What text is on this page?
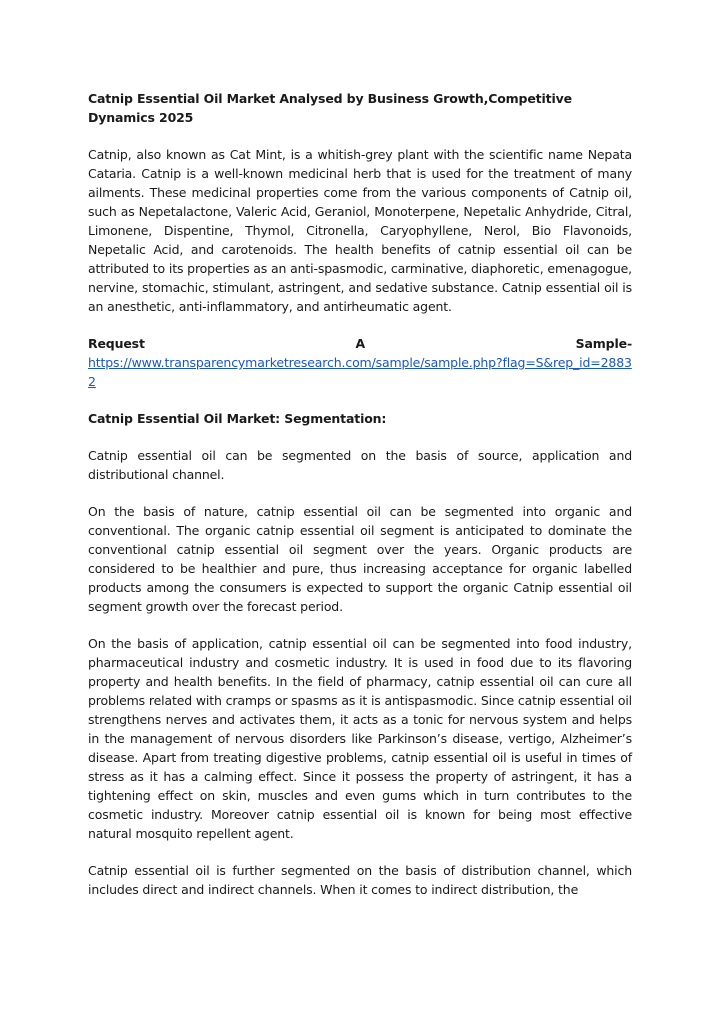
Catnip Essential Oil Market Analysed by Business Growth,Competitive Dynamics 2025

Catnip, also known as Cat Mint, is a whitish-grey plant with the scientific name Nepata Cataria. Catnip is a well-known medicinal herb that is used for the treatment of many ailments. These medicinal properties come from the various components of Catnip oil, such as Nepetalactone, Valeric Acid, Geraniol, Monoterpene, Nepetalic Anhydride, Citral, Limonene, Dispentine, Thymol, Citronella, Caryophyllene, Nerol, Bio Flavonoids, Nepetalic Acid, and carotenoids. The health benefits of catnip essential oil can be attributed to its properties as an anti-spasmodic, carminative, diaphoretic, emenagogue, nervine, stomachic, stimulant, astringent, and sedative substance. Catnip essential oil is an anesthetic, anti-inflammatory, and antirheumatic agent.

Request	A	Sample-
https://www.transparencymarketresearch.com/sample/sample.php?flag=S&rep_id=28832
Catnip Essential Oil Market: Segmentation:

Catnip essential oil can be segmented on the basis of source, application and distributional channel.

On the basis of nature, catnip essential oil can be segmented into organic and conventional. The organic catnip essential oil segment is anticipated to dominate the conventional catnip essential oil segment over the years. Organic products are considered to be healthier and pure, thus increasing acceptance for organic labelled products among the consumers is expected to support the organic Catnip essential oil segment growth over the forecast period.

On the basis of application, catnip essential oil can be segmented into food industry, pharmaceutical industry and cosmetic industry. It is used in food due to its flavoring property and health benefits. In the field of pharmacy, catnip essential oil can cure all problems related with cramps or spasms as it is antispasmodic. Since catnip essential oil strengthens nerves and activates them, it acts as a tonic for nervous system and helps in the management of nervous disorders like Parkinson’s disease, vertigo, Alzheimer’s disease. Apart from treating digestive problems, catnip essential oil is useful in times of stress as it has a calming effect. Since it possess the property of astringent, it has a tightening effect on skin, muscles and even gums which in turn contributes to the cosmetic industry. Moreover catnip essential oil is known for being most effective natural mosquito repellent agent.

Catnip essential oil is further segmented on the basis of distribution channel, which includes direct and indirect channels. When it comes to indirect distribution, the
